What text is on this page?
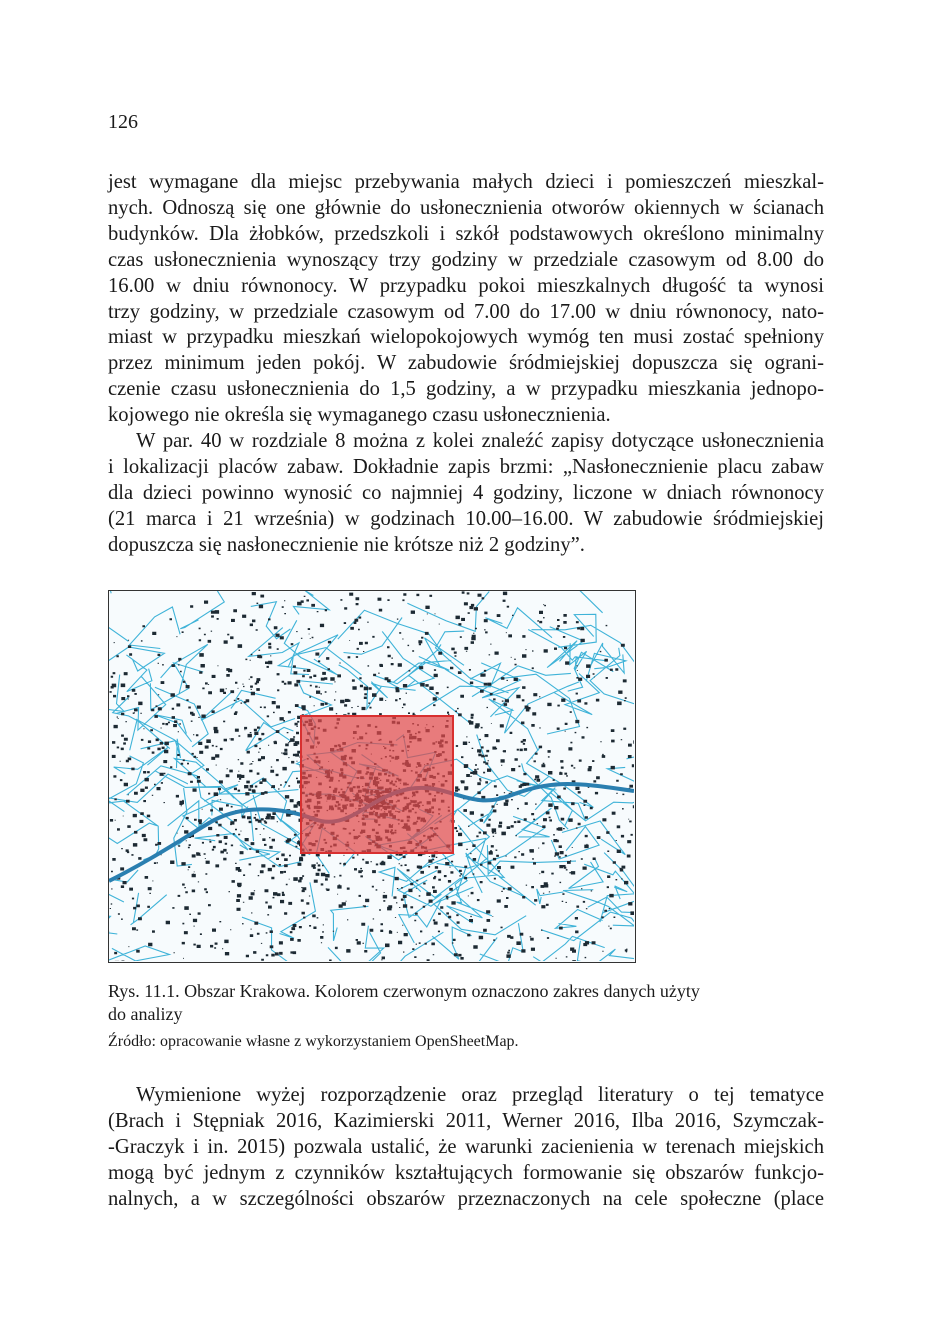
126

jest wymagane dla miejsc przebywania małych dzieci i pomieszczeń mieszkal-
nych. Odnoszą się one głównie do usłonecznienia otworów okiennych w ścianach
budynków. Dla żłobków, przedszkoli i szkół podstawowych określono minimalny
czas usłonecznienia wynoszący trzy godziny w przedziale czasowym od 8.00 do
16.00 w dniu równonocy. W przypadku pokoi mieszkalnych długość ta wynosi
trzy godziny, w przedziale czasowym od 7.00 do 17.00 w dniu równonocy, nato-
miast w przypadku mieszkań wielopokojowych wymóg ten musi zostać spełniony
przez minimum jeden pokój. W zabudowie śródmiejskiej dopuszcza się ograni-
czenie czasu usłonecznienia do 1,5 godziny, a w przypadku mieszkania jednopo-
kojowego nie określa się wymaganego czasu usłonecznienia.

W par. 40 w rozdziale 8 można z kolei znaleźć zapisy dotyczące usłonecznienia
i lokalizacji placów zabaw. Dokładnie zapis brzmi: „Nasłonecznienie placu zabaw
dla dzieci powinno wynosić co najmniej 4 godziny, liczone w dniach równonocy
(21 marca i 21 września) w godzinach 10.00–16.00. W zabudowie śródmiejskiej
dopuszcza się nasłonecznienie nie krótsze niż 2 godziny”.

Rys. 11.1. Obszar Krakowa. Kolorem czerwonym oznaczono zakres danych użyty
do analizy
Źródło: opracowanie własne z wykorzystaniem OpenSheetMap.

Wymienione wyżej rozporządzenie oraz przegląd literatury o tej tematyce
(Brach i Stępniak 2016, Kazimierski 2011, Werner 2016, Ilba 2016, Szymczak-
-Graczyk i in. 2015) pozwala ustalić, że warunki zacienienia w terenach miejskich
mogą być jednym z czynników kształtujących formowanie się obszarów funkcjo-
nalnych, a w szczególności obszarów przeznaczonych na cele społeczne (place
